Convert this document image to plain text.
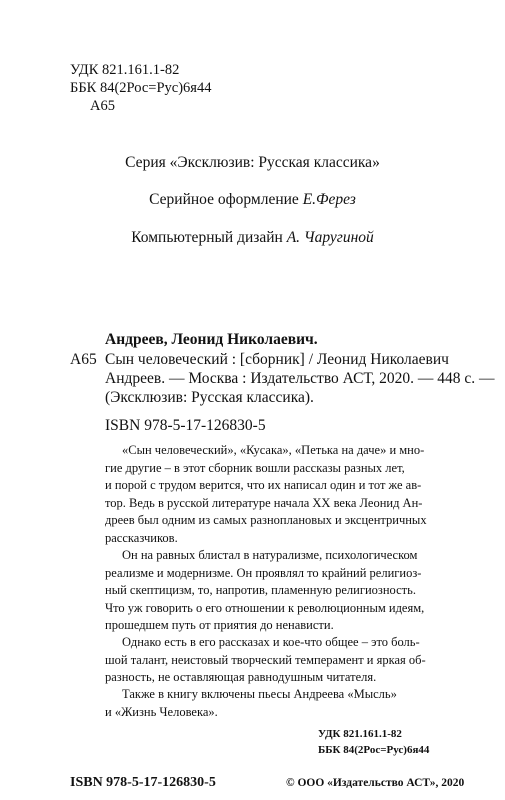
УДК 821.161.1-82
ББК 84(2Рос=Рус)6я44
А65
Серия «Эксклюзив: Русская классика»
Серийное оформление Е.Ферез
Компьютерный дизайн А. Чаругиной
Андреев, Леонид Николаевич.
А65 Сын человеческий : [сборник] / Леонид Николаевич
Андреев. — Москва : Издательство АСТ, 2020. — 448 с. —
(Эксклюзив: Русская классика).
ISBN 978-5-17-126830-5
«Сын человеческий», «Кусака», «Петька на даче» и мно-
гие другие – в этот сборник вошли рассказы разных лет,
и порой с трудом верится, что их написал один и тот же ав-
тор. Ведь в русской литературе начала XX века Леонид Ан-
дреев был одним из самых разноплановых и эксцентричных
рассказчиков.
Он на равных блистал в натурализме, психологическом
реализме и модернизме. Он проявлял то крайний религиоз-
ный скептицизм, то, напротив, пламенную религиозность.
Что уж говорить о его отношении к революционным идеям,
прошедшем путь от приятия до ненависти.
Однако есть в его рассказах и кое-что общее – это боль-
шой талант, неистовый творческий темперамент и яркая об-
разность, не оставляющая равнодушным читателя.
Также в книгу включены пьесы Андреева «Мысль»
и «Жизнь Человека».
УДК 821.161.1-82
ББК 84(2Рос=Рус)6я44
ISBN 978-5-17-126830-5	© ООО «Издательство АСТ», 2020
